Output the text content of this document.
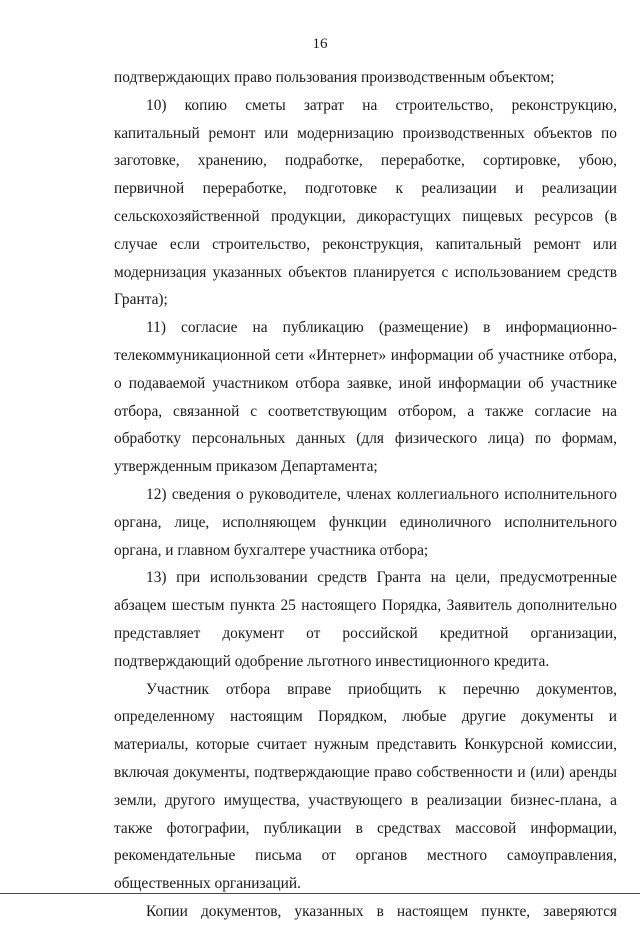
16

подтверждающих право пользования производственным объектом;

10) копию сметы затрат на строительство, реконструкцию, капитальный ремонт или модернизацию производственных объектов по заготовке, хранению, подработке, переработке, сортировке, убою, первичной переработке, подготовке к реализации и реализации сельскохозяйственной продукции, дикорастущих пищевых ресурсов (в случае если строительство, реконструкция, капитальный ремонт или модернизация указанных объектов планируется с использованием средств Гранта);

11) согласие на публикацию (размещение) в информационно-телекоммуникационной сети «Интернет» информации об участнике отбора, о подаваемой участником отбора заявке, иной информации об участнике отбора, связанной с соответствующим отбором, а также согласие на обработку персональных данных (для физического лица) по формам, утвержденным приказом Департамента;

12) сведения о руководителе, членах коллегиального исполнительного органа, лице, исполняющем функции единоличного исполнительного органа, и главном бухгалтере участника отбора;

13) при использовании средств Гранта на цели, предусмотренные абзацем шестым пункта 25 настоящего Порядка, Заявитель дополнительно представляет документ от российской кредитной организации, подтверждающий одобрение льготного инвестиционного кредита.

Участник отбора вправе приобщить к перечню документов, определенному настоящим Порядком, любые другие документы и материалы, которые считает нужным представить Конкурсной комиссии, включая документы, подтверждающие право собственности и (или) аренды земли, другого имущества, участвующего в реализации бизнес-плана, а также фотографии, публикации в средствах массовой информации, рекомендательные письма от органов местного самоуправления, общественных организаций.

Копии документов, указанных в настоящем пункте, заверяются
